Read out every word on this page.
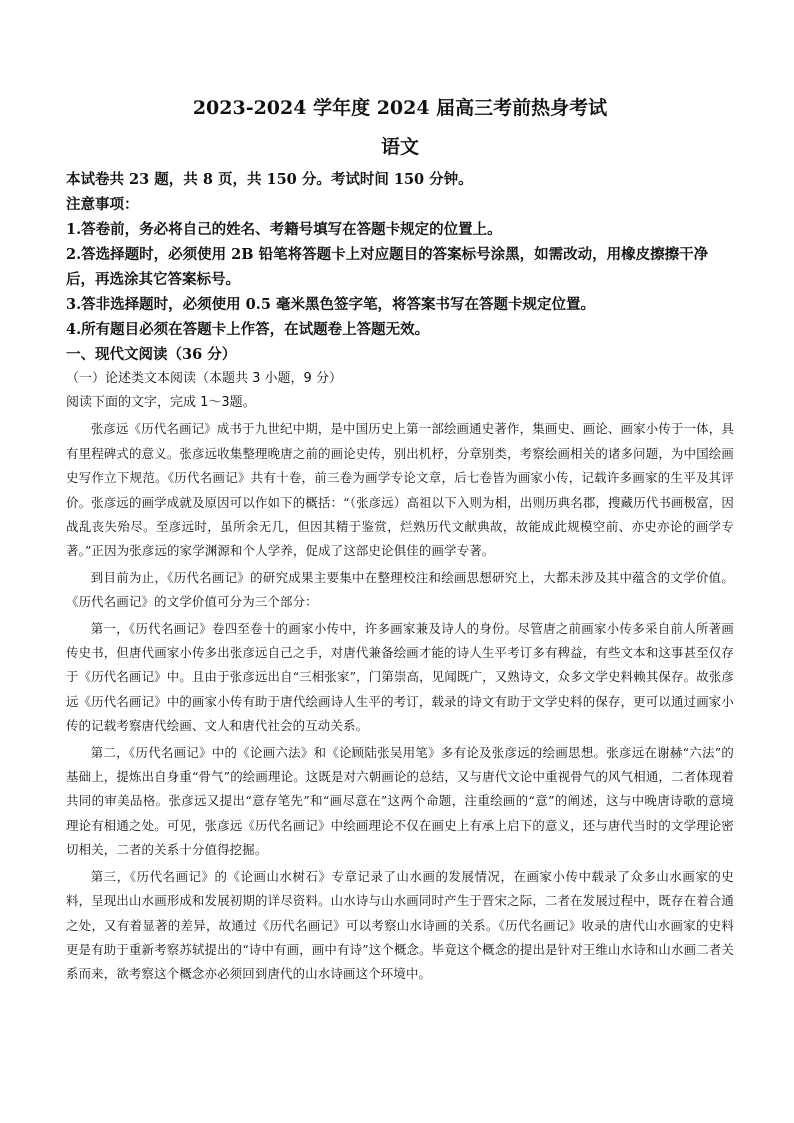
2023-2024 学年度 2024 届高三考前热身考试
语文

本试卷共 23 题，共 8 页，共 150 分。考试时间 150 分钟。

注意事项：

1.答卷前，务必将自己的姓名、考籍号填写在答题卡规定的位置上。

2.答选择题时，必须使用 2B 铅笔将答题卡上对应题目的答案标号涂黑，如需改动，用橡皮擦擦干净后，再选涂其它答案标号。

3.答非选择题时，必须使用 0.5 毫米黑色签字笔，将答案书写在答题卡规定位置。

4.所有题目必须在答题卡上作答，在试题卷上答题无效。

一、现代文阅读（36 分）

（一）论述类文本阅读（本题共 3 小题，9 分）

阅读下面的文字，完成 1～3题。

张彦远《历代名画记》成书于九世纪中期，是中国历史上第一部绘画通史著作，集画史、画论、画家小传于一体，具有里程碑式的意义。张彦远收集整理晚唐之前的画论史传，别出机杼，分章别类，考察绘画相关的诸多问题，为中国绘画史写作立下规范。《历代名画记》共有十卷，前三卷为画学专论文章，后七卷皆为画家小传，记载许多画家的生平及其评价。张彦远的画学成就及原因可以作如下的概括：“（张彦远）高祖以下入则为相，出则历典名郡，搜藏历代书画极富，因战乱丧失殆尽。至彦远时，虽所余无几，但因其精于鉴赏，烂熟历代文献典故，故能成此规模空前、亦史亦论的画学专著。”正因为张彦远的家学渊源和个人学养，促成了这部史论俱佳的画学专著。

到目前为止，《历代名画记》的研究成果主要集中在整理校注和绘画思想研究上，大都未涉及其中蕴含的文学价值。《历代名画记》的文学价值可分为三个部分：

第一，《历代名画记》卷四至卷十的画家小传中，许多画家兼及诗人的身份。尽管唐之前画家小传多采自前人所著画传史书，但唐代画家小传多出张彦远自己之手，对唐代兼备绘画才能的诗人生平考订多有稗益，有些文本和这事甚至仅存于《历代名画记》中。且由于张彦远出自“三相张家”，门第崇高，见闻既广，又熟诗文，众多文学史料赖其保存。故张彦远《历代名画记》中的画家小传有助于唐代绘画诗人生平的考订，载录的诗文有助于文学史料的保存，更可以通过画家小传的记载考察唐代绘画、文人和唐代社会的互动关系。

第二，《历代名画记》中的《论画六法》和《论顾陆张吴用笔》多有论及张彦远的绘画思想。张彦远在谢赫“六法”的基础上，提炼出自身重“骨气”的绘画理论。这既是对六朝画论的总结，又与唐代文论中重视骨气的风气相通，二者体现着共同的审美品格。张彦远又提出“意存笔先”和“画尽意在”这两个命题，注重绘画的“意”的阐述，这与中晚唐诗歌的意境理论有相通之处。可见，张彦远《历代名画记》中绘画理论不仅在画史上有承上启下的意义，还与唐代当时的文学理论密切相关，二者的关系十分值得挖掘。

第三，《历代名画记》的《论画山水树石》专章记录了山水画的发展情况，在画家小传中载录了众多山水画家的史料，呈现出山水画形成和发展初期的详尽资料。山水诗与山水画同时产生于晋宋之际，二者在发展过程中，既存在着合通之处，又有着显著的差异，故通过《历代名画记》可以考察山水诗画的关系。《历代名画记》收录的唐代山水画家的史料更是有助于重新考察苏轼提出的“诗中有画，画中有诗”这个概念。毕竟这个概念的提出是针对王维山水诗和山水画二者关系而来，欲考察这个概念亦必须回到唐代的山水诗画这个环境中。
